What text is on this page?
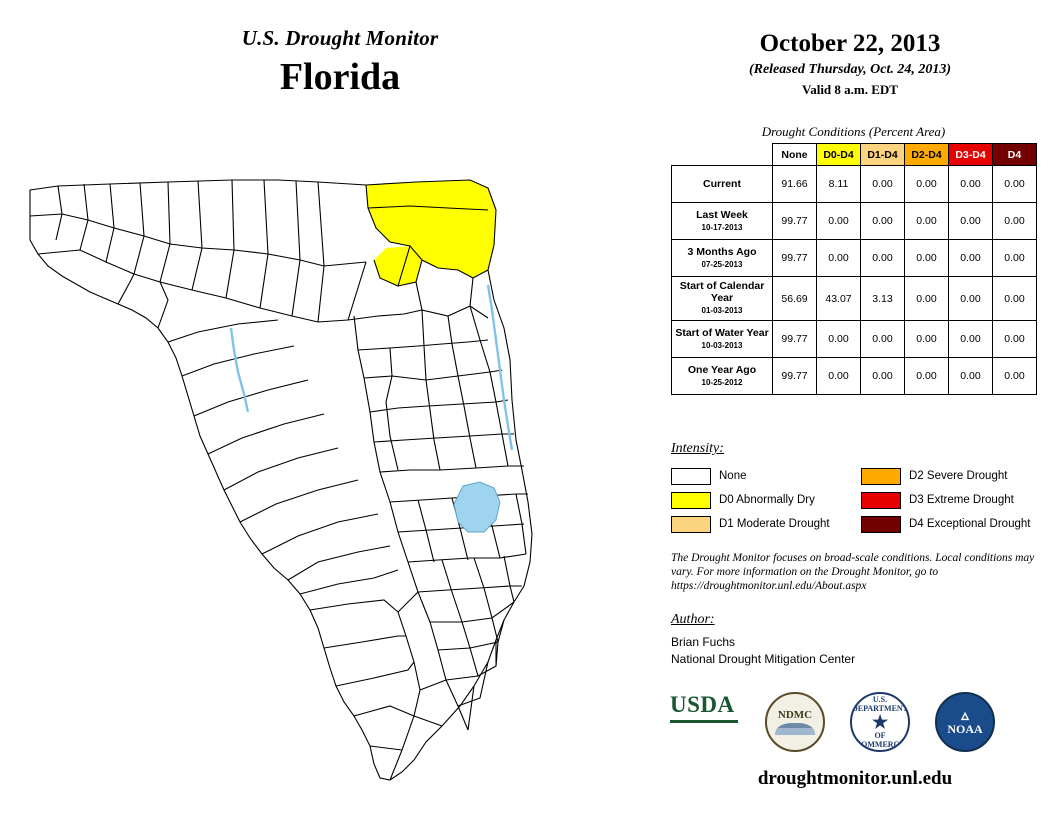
U.S. Drought Monitor
Florida
October 22, 2013
(Released Thursday, Oct. 24, 2013)
Valid 8 a.m. EDT
Drought Conditions (Percent Area)
	None	D0-D4	D1-D4	D2-D4	D3-D4	D4
Current	91.66	8.11	0.00	0.00	0.00	0.00
Last Week
10-17-2013	99.77	0.00	0.00	0.00	0.00	0.00
3 Months Ago
07-25-2013	99.77	0.00	0.00	0.00	0.00	0.00
Start of Calendar Year
01-03-2013	56.69	43.07	3.13	0.00	0.00	0.00
Start of Water Year
10-03-2013	99.77	0.00	0.00	0.00	0.00	0.00
One Year Ago
10-25-2012	99.77	0.00	0.00	0.00	0.00	0.00
Intensity:
None
D0 Abnormally Dry
D1 Moderate Drought
D2 Severe Drought
D3 Extreme Drought
D4 Exceptional Drought
The Drought Monitor focuses on broad-scale conditions. Local conditions may vary. For more information on the Drought Monitor, go to https://droughtmonitor.unl.edu/About.aspx
Author:
Brian Fuchs
National Drought Mitigation Center
USDA	NDMC
U.S. DEPARTMENT
★
OF COMMERCE
▵
NOAA
droughtmonitor.unl.edu
